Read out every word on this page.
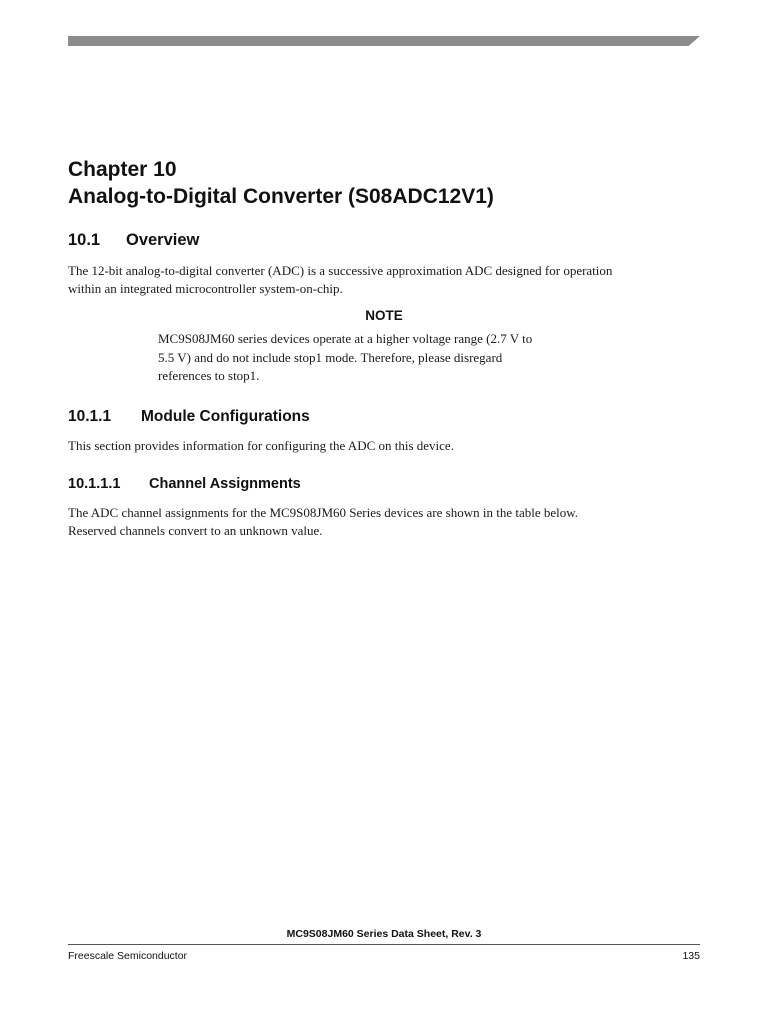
Chapter 10
Analog-to-Digital Converter (S08ADC12V1)
10.1 Overview
The 12-bit analog-to-digital converter (ADC) is a successive approximation ADC designed for operation
within an integrated microcontroller system-on-chip.
NOTE
MC9S08JM60 series devices operate at a higher voltage range (2.7 V to
5.5 V) and do not include stop1 mode. Therefore, please disregard
references to stop1.
10.1.1 Module Configurations
This section provides information for configuring the ADC on this device.
10.1.1.1 Channel Assignments
The ADC channel assignments for the MC9S08JM60 Series devices are shown in the table below.
Reserved channels convert to an unknown value.
MC9S08JM60 Series Data Sheet, Rev. 3
Freescale Semiconductor	135
